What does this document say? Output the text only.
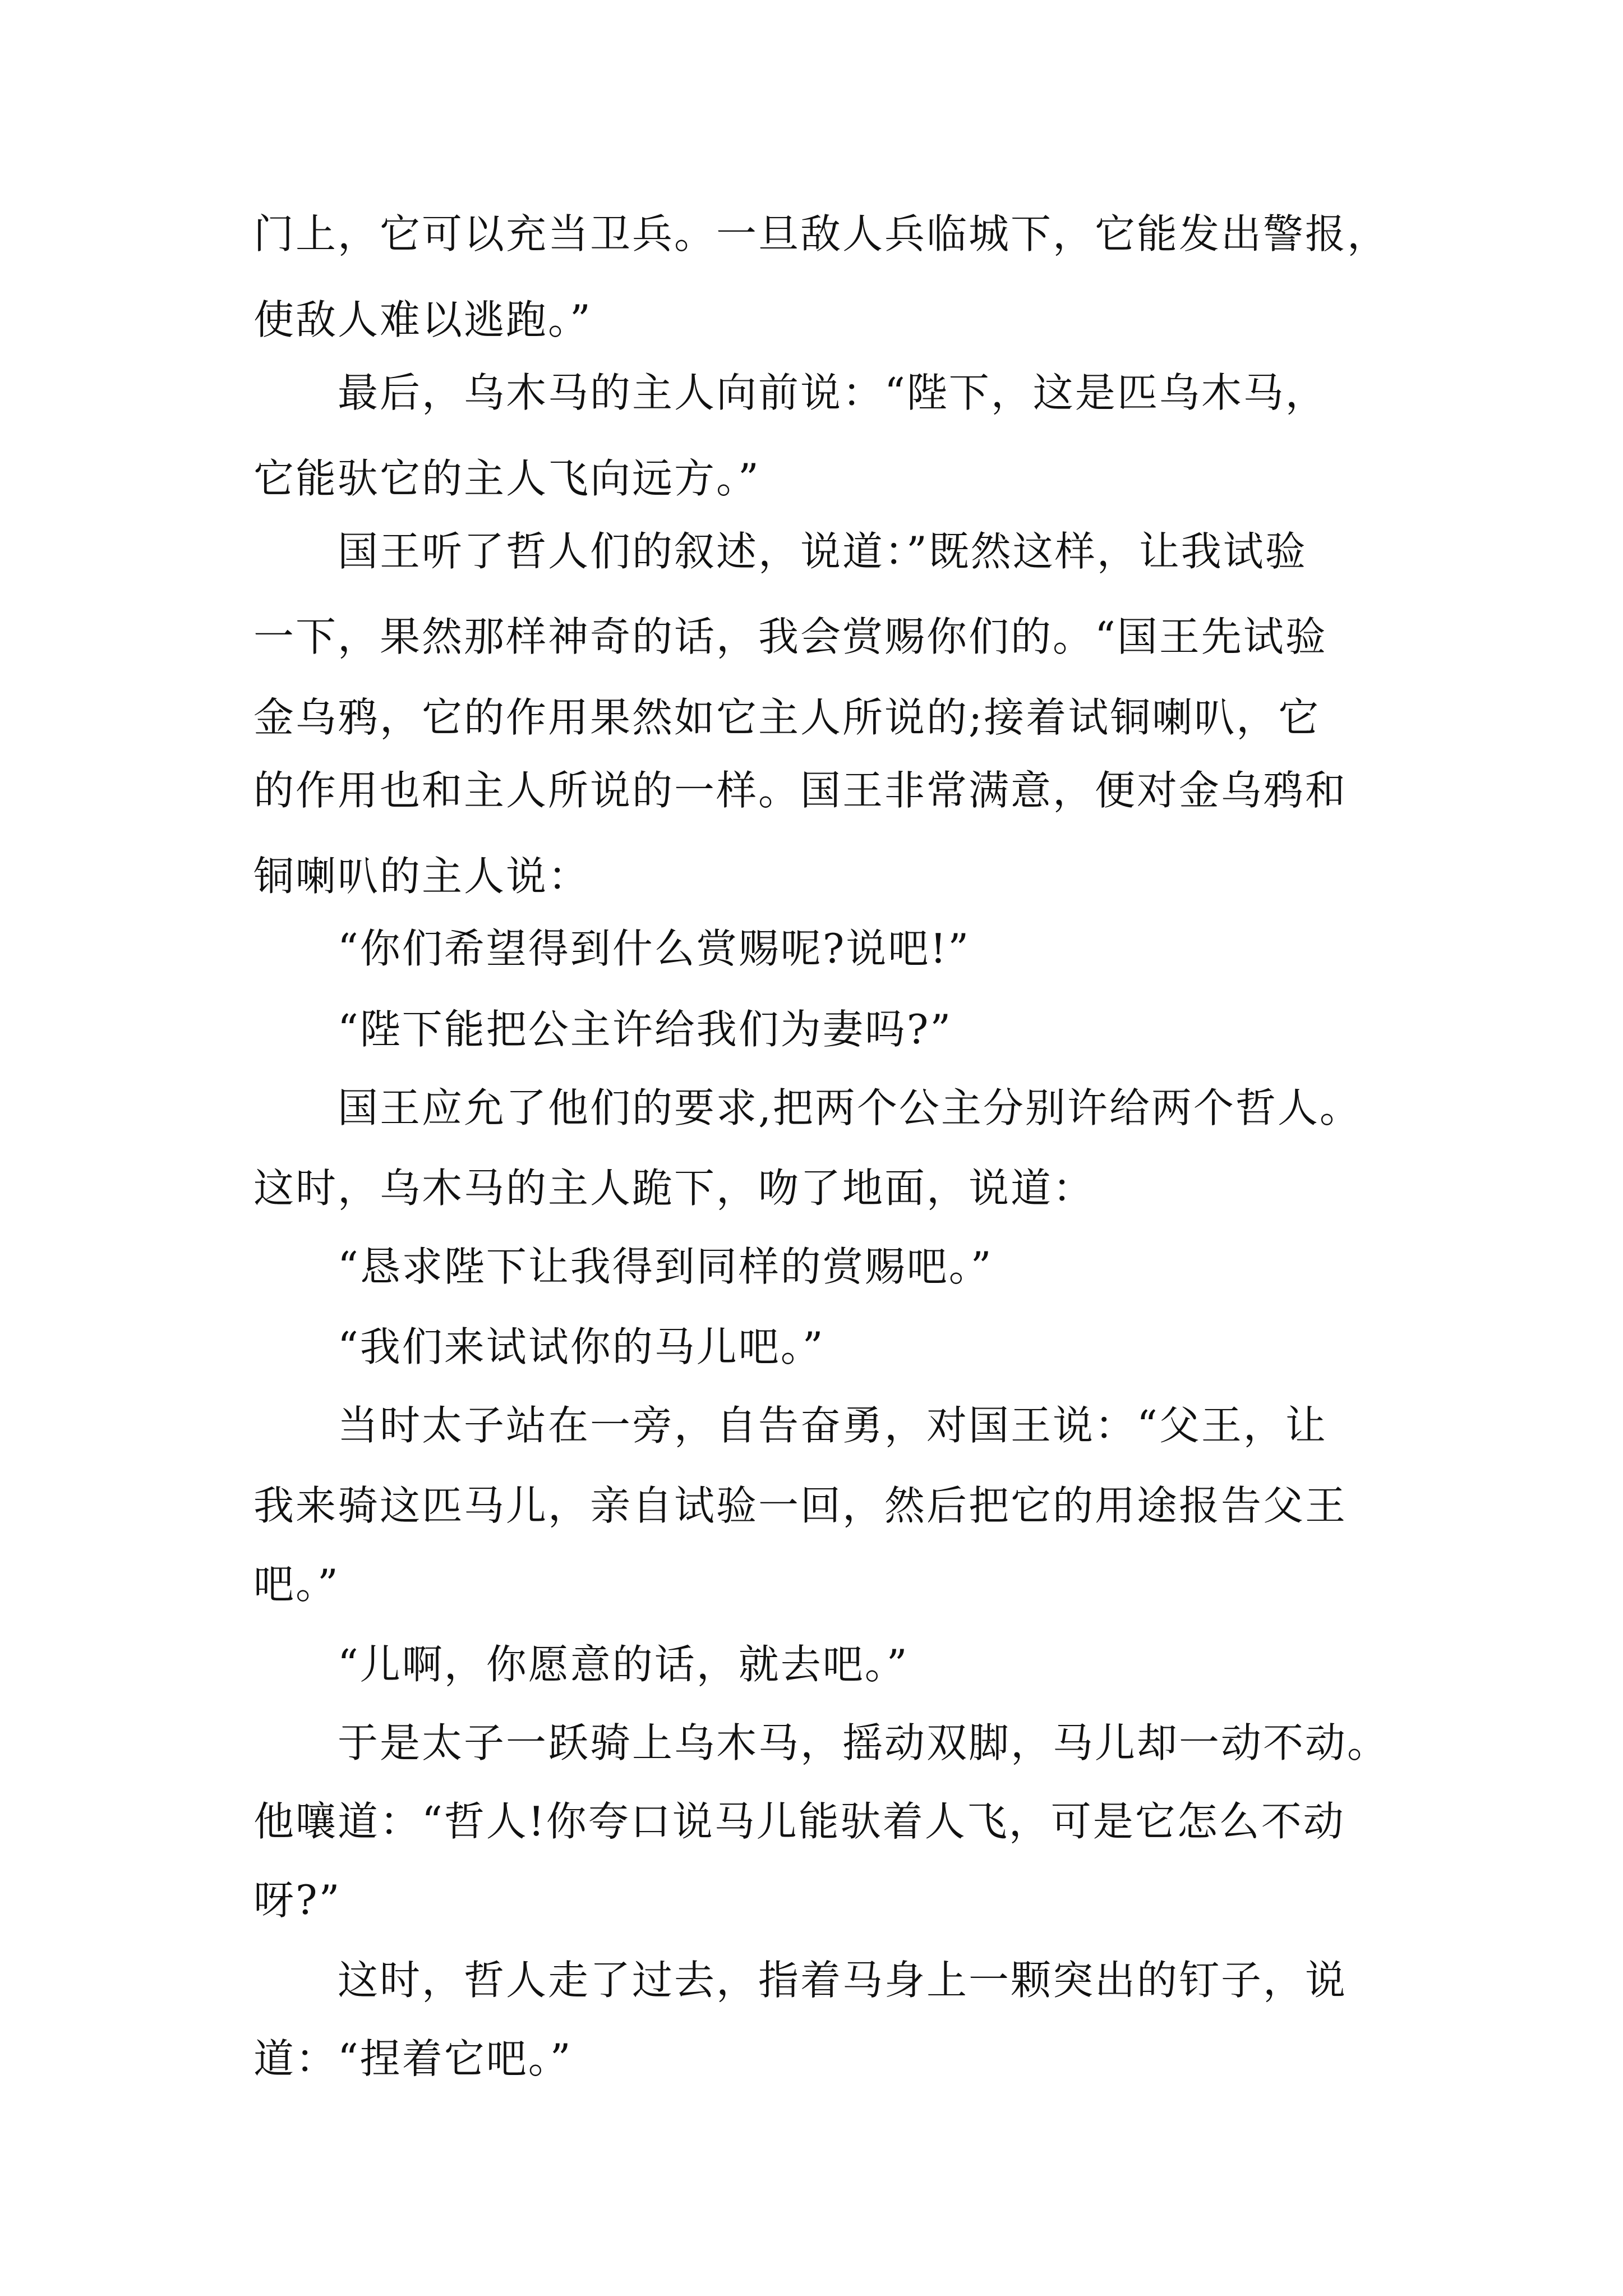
门上，它可以充当卫兵。一旦敌人兵临城下，它能发出警报，
使敌人难以逃跑。”
最后，乌木马的主人向前说：“陛下，这是匹乌木马，
它能驮它的主人飞向远方。”
国王听了哲人们的叙述，说道：”既然这样，让我试验
一下，果然那样神奇的话，我会赏赐你们的。“国王先试验
金乌鸦，它的作用果然如它主人所说的;接着试铜喇叭，它
的作用也和主人所说的一样。国王非常满意，便对金乌鸦和
铜喇叭的主人说：
“你们希望得到什么赏赐呢?说吧!”
“陛下能把公主许给我们为妻吗?”
国王应允了他们的要求,把两个公主分别许给两个哲人。
这时，乌木马的主人跪下，吻了地面，说道：
“恳求陛下让我得到同样的赏赐吧。”
“我们来试试你的马儿吧。”
当时太子站在一旁，自告奋勇，对国王说：“父王，让
我来骑这匹马儿，亲自试验一回，然后把它的用途报告父王
吧。”
“儿啊，你愿意的话，就去吧。”
于是太子一跃骑上乌木马，摇动双脚，马儿却一动不动。
他嚷道：“哲人!你夸口说马儿能驮着人飞，可是它怎么不动
呀?”
这时，哲人走了过去，指着马身上一颗突出的钉子，说
道：“捏着它吧。”
